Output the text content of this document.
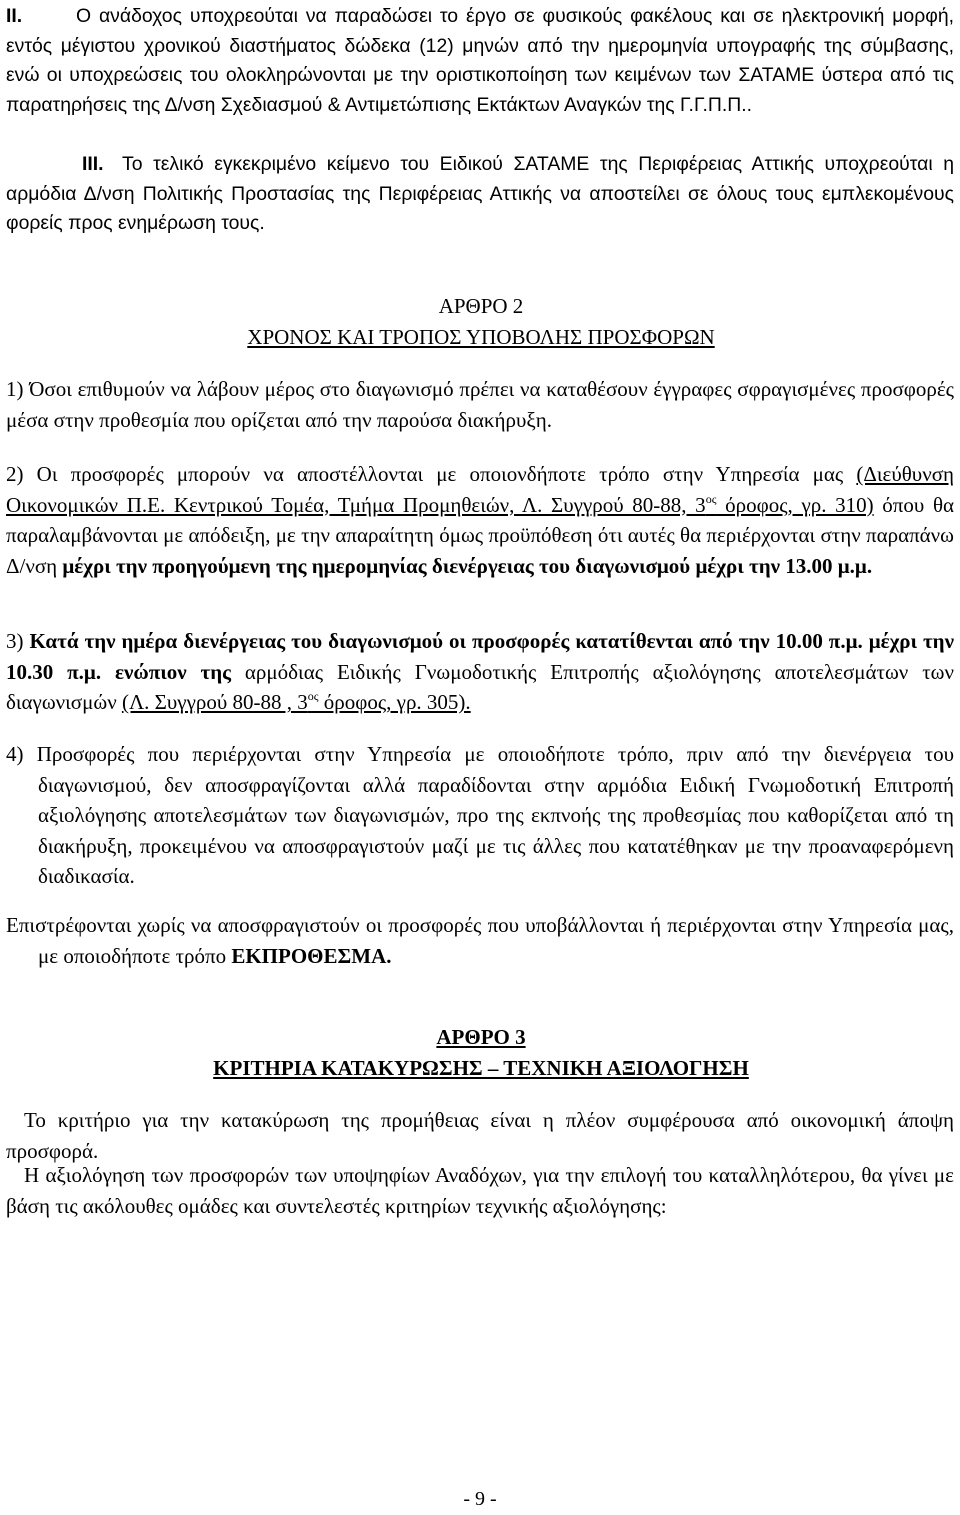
ΙΙ.	Ο ανάδοχος υποχρεούται να παραδώσει το έργο σε φυσικούς φακέλους και σε ηλεκτρονική μορφή, εντός μέγιστου χρονικού διαστήματος δώδεκα (12) μηνών από την ημερομηνία υπογραφής της σύμβασης, ενώ οι υποχρεώσεις του ολοκληρώνονται με την οριστικοποίηση των κειμένων των ΣΑΤΑΜΕ ύστερα από τις παρατηρήσεις της Δ/νση Σχεδιασμού & Αντιμετώπισης Εκτάκτων Αναγκών της Γ.Γ.Π.Π..

ΙΙΙ. Το τελικό εγκεκριμένο κείμενο του Ειδικού ΣΑΤΑΜΕ της Περιφέρειας Αττικής υποχρεούται η αρμόδια Δ/νση Πολιτικής Προστασίας της Περιφέρειας Αττικής να αποστείλει σε όλους τους εμπλεκομένους φορείς προς ενημέρωση τους.

ΑΡΘΡΟ 2

ΧΡΟΝΟΣ ΚΑΙ ΤΡΟΠΟΣ ΥΠΟΒΟΛΗΣ ΠΡΟΣΦΟΡΩΝ

1) Όσοι επιθυμούν να λάβουν μέρος στο διαγωνισμό πρέπει να καταθέσουν έγγραφες σφραγισμένες προσφορές μέσα στην προθεσμία που ορίζεται από την παρούσα διακήρυξη.

2) Οι προσφορές μπορούν να αποστέλλονται με οποιονδήποτε τρόπο στην Υπηρεσία μας (Διεύθυνση Οικονομικών Π.Ε. Κεντρικού Τομέα, Τμήμα Προμηθειών, Λ. Συγγρού 80-88, $3^{o\varsigma}$ όροφος, γρ. 310) όπου θα παραλαμβάνονται με απόδειξη, με την απαραίτητη όμως προϋπόθεση ότι αυτές θα περιέρχονται στην παραπάνω Δ/νση μέχρι την προηγούμενη της ημερομηνίας διενέργειας του διαγωνισμού μέχρι την 13.00 μ.μ.

3) Κατά την ημέρα διενέργειας του διαγωνισμού οι προσφορές κατατίθενται από την 10.00 π.μ. μέχρι την 10.30 π.μ. ενώπιον της αρμόδιας Ειδικής Γνωμοδοτικής Επιτροπής αξιολόγησης αποτελεσμάτων των διαγωνισμών (Λ. Συγγρού 80-88 , $3^{o\varsigma}$ όροφος, γρ. 305).

4) Προσφορές που περιέρχονται στην Υπηρεσία με οποιοδήποτε τρόπο, πριν από την διενέργεια του διαγωνισμού, δεν αποσφραγίζονται αλλά παραδίδονται στην αρμόδια Ειδική Γνωμοδοτική Επιτροπή αξιολόγησης αποτελεσμάτων των διαγωνισμών, προ της εκπνοής της προθεσμίας που καθορίζεται από τη διακήρυξη, προκειμένου να αποσφραγιστούν μαζί με τις άλλες που κατατέθηκαν με την προαναφερόμενη διαδικασία.

Επιστρέφονται χωρίς να αποσφραγιστούν οι προσφορές που υποβάλλονται ή περιέρχονται στην Υπηρεσία μας, με οποιοδήποτε τρόπο ΕΚΠΡΟΘΕΣΜΑ.

ΑΡΘΡΟ 3

ΚΡΙΤΗΡΙΑ ΚΑΤΑΚΥΡΩΣΗΣ – ΤΕΧΝΙΚΗ ΑΞΙΟΛΟΓΗΣΗ

Το κριτήριο για την κατακύρωση της προμήθειας είναι η πλέον συμφέρουσα από οικονομική άποψη προσφορά.

Η αξιολόγηση των προσφορών των υποψηφίων Αναδόχων, για την επιλογή του καταλληλότερου, θα γίνει με βάση τις ακόλουθες ομάδες και συντελεστές κριτηρίων τεχνικής αξιολόγησης:

- 9 -
